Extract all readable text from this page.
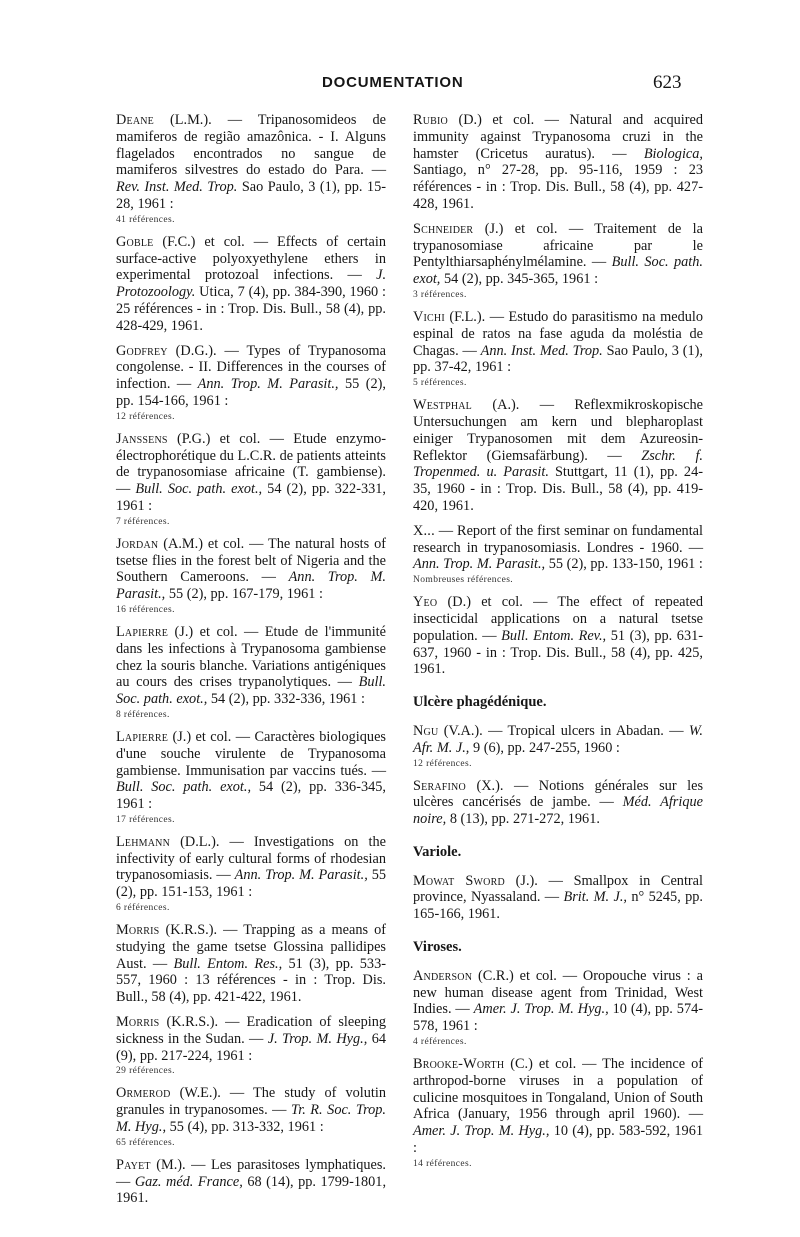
DOCUMENTATION	623

Deane (L.M.). — Tripanosomideos de mamiferos de região amazônica. - I. Alguns flagelados encontrados no sangue de mamiferos silvestres do estado do Para. — Rev. Inst. Med. Trop. Sao Paulo, 3 (1), pp. 15-28, 1961 :

41 références.

Goble (F.C.) et col. — Effects of certain surface-active polyoxyethylene ethers in experimental protozoal infections. — J. Protozoology. Utica, 7 (4), pp. 384-390, 1960 : 25 références - in : Trop. Dis. Bull., 58 (4), pp. 428-429, 1961.

Godfrey (D.G.). — Types of Trypanosoma congolense. - II. Differences in the courses of infection. — Ann. Trop. M. Parasit., 55 (2), pp. 154-166, 1961 :

12 références.

Janssens (P.G.) et col. — Etude enzymo-électrophorétique du L.C.R. de patients atteints de trypanosomiase africaine (T. gambiense). — Bull. Soc. path. exot., 54 (2), pp. 322-331, 1961 :

7 références.

Jordan (A.M.) et col. — The natural hosts of tsetse flies in the forest belt of Nigeria and the Southern Cameroons. — Ann. Trop. M. Parasit., 55 (2), pp. 167-179, 1961 :

16 références.

Lapierre (J.) et col. — Etude de l'immunité dans les infections à Trypanosoma gambiense chez la souris blanche. Variations antigéniques au cours des crises trypanolytiques. — Bull. Soc. path. exot., 54 (2), pp. 332-336, 1961 :

8 références.

Lapierre (J.) et col. — Caractères biologiques d'une souche virulente de Trypanosoma gambiense. Immunisation par vaccins tués. — Bull. Soc. path. exot., 54 (2), pp. 336-345, 1961 :

17 références.

Lehmann (D.L.). — Investigations on the infectivity of early cultural forms of rhodesian trypanosomiasis. — Ann. Trop. M. Parasit., 55 (2), pp. 151-153, 1961 :

6 références.

Morris (K.R.S.). — Trapping as a means of studying the game tsetse Glossina pallidipes Aust. — Bull. Entom. Res., 51 (3), pp. 533-557, 1960 : 13 références - in : Trop. Dis. Bull., 58 (4), pp. 421-422, 1961.

Morris (K.R.S.). — Eradication of sleeping sickness in the Sudan. — J. Trop. M. Hyg., 64 (9), pp. 217-224, 1961 :

29 références.

Ormerod (W.E.). — The study of volutin granules in trypanosomes. — Tr. R. Soc. Trop. M. Hyg., 55 (4), pp. 313-332, 1961 :

65 références.

Payet (M.). — Les parasitoses lymphatiques. — Gaz. méd. France, 68 (14), pp. 1799-1801, 1961.

Rubio (D.) et col. — Natural and acquired immunity against Trypanosoma cruzi in the hamster (Cricetus auratus). — Biologica, Santiago, n° 27-28, pp. 95-116, 1959 : 23 références - in : Trop. Dis. Bull., 58 (4), pp. 427-428, 1961.

Schneider (J.) et col. — Traitement de la trypanosomiase africaine par le Pentylthiarsaphénylmélamine. — Bull. Soc. path. exot, 54 (2), pp. 345-365, 1961 :

3 références.

Vichi (F.L.). — Estudo do parasitismo na medulo espinal de ratos na fase aguda da moléstia de Chagas. — Ann. Inst. Med. Trop. Sao Paulo, 3 (1), pp. 37-42, 1961 :

5 références.

Westphal (A.). — Reflexmikroskopische Untersuchungen am kern und blepharoplast einiger Trypanosomen mit dem Azureosin-Reflektor (Giemsafärbung). — Zschr. f. Tropenmed. u. Parasit. Stuttgart, 11 (1), pp. 24-35, 1960 - in : Trop. Dis. Bull., 58 (4), pp. 419-420, 1961.

X... — Report of the first seminar on fundamental research in trypanosomiasis. Londres - 1960. — Ann. Trop. M. Parasit., 55 (2), pp. 133-150, 1961 :

Nombreuses références.

Yeo (D.) et col. — The effect of repeated insecticidal applications on a natural tsetse population. — Bull. Entom. Rev., 51 (3), pp. 631-637, 1960 - in : Trop. Dis. Bull., 58 (4), pp. 425, 1961.

Ulcère phagédénique.

Ngu (V.A.). — Tropical ulcers in Abadan. — W. Afr. M. J., 9 (6), pp. 247-255, 1960 :

12 références.

Serafino (X.). — Notions générales sur les ulcères cancérisés de jambe. — Méd. Afrique noire, 8 (13), pp. 271-272, 1961.

Variole.

Mowat Sword (J.). — Smallpox in Central province, Nyassaland. — Brit. M. J., n° 5245, pp. 165-166, 1961.

Viroses.

Anderson (C.R.) et col. — Oropouche virus : a new human disease agent from Trinidad, West Indies. — Amer. J. Trop. M. Hyg., 10 (4), pp. 574-578, 1961 :

4 références.

Brooke-Worth (C.) et col. — The incidence of arthropod-borne viruses in a population of culicine mosquitoes in Tongaland, Union of South Africa (January, 1956 through april 1960). — Amer. J. Trop. M. Hyg., 10 (4), pp. 583-592, 1961 :

14 références.
